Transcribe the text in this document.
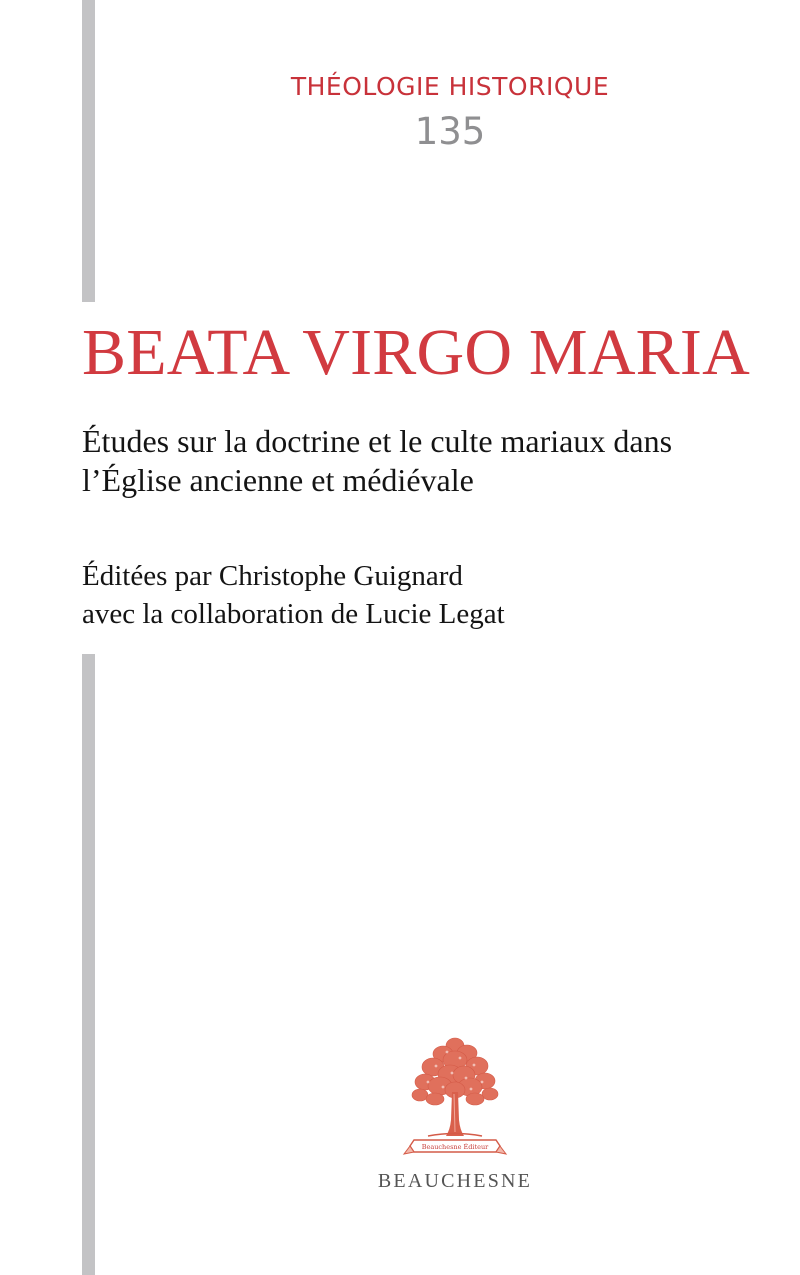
THÉOLOGIE HISTORIQUE
135
BEATA VIRGO MARIA
Études sur la doctrine et le culte mariaux dans
l’Église ancienne et médiévale
Éditées par Christophe Guignard
avec la collaboration de Lucie Legat
Beauchesne Éditeur
BEAUCHESNE
